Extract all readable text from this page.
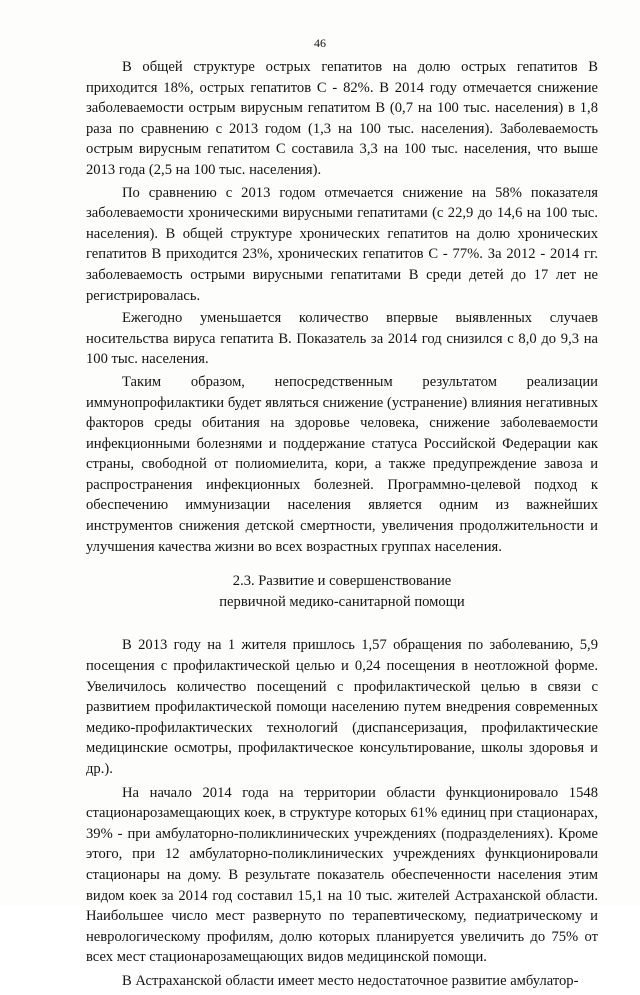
46

В общей структуре острых гепатитов на долю острых гепатитов В приходится 18%, острых гепатитов С - 82%. В 2014 году отмечается снижение заболеваемости острым вирусным гепатитом В (0,7 на 100 тыс. населения) в 1,8 раза по сравнению с 2013 годом (1,3 на 100 тыс. населения). Заболеваемость острым вирусным гепатитом С составила 3,3 на 100 тыс. населения, что выше 2013 года (2,5 на 100 тыс. населения).

По сравнению с 2013 годом отмечается снижение на 58% показателя заболеваемости хроническими вирусными гепатитами (с 22,9 до 14,6 на 100 тыс. населения). В общей структуре хронических гепатитов на долю хронических гепатитов В приходится 23%, хронических гепатитов С - 77%. За 2012 - 2014 гг. заболеваемость острыми вирусными гепатитами В среди детей до 17 лет не регистрировалась.

Ежегодно уменьшается количество впервые выявленных случаев носительства вируса гепатита В. Показатель за 2014 год снизился с 8,0 до 9,3 на 100 тыс. населения.

Таким образом, непосредственным результатом реализации иммунопрофилактики будет являться снижение (устранение) влияния негативных факторов среды обитания на здоровье человека, снижение заболеваемости инфекционными болезнями и поддержание статуса Российской Федерации как страны, свободной от полиомиелита, кори, а также предупреждение завоза и распространения инфекционных болезней. Программно-целевой подход к обеспечению иммунизации населения является одним из важнейших инструментов снижения детской смертности, увеличения продолжительности и улучшения качества жизни во всех возрастных группах населения.

2.3. Развитие и совершенствование
первичной медико-санитарной помощи

В 2013 году на 1 жителя пришлось 1,57 обращения по заболеванию, 5,9 посещения с профилактической целью и 0,24 посещения в неотложной форме. Увеличилось количество посещений с профилактической целью в связи с развитием профилактической помощи населению путем внедрения современных медико-профилактических технологий (диспансеризация, профилактические медицинские осмотры, профилактическое консультирование, школы здоровья и др.).

На начало 2014 года на территории области функционировало 1548 стационарозамещающих коек, в структуре которых 61% единиц при стационарах, 39% - при амбулаторно-поликлинических учреждениях (подразделениях). Кроме этого, при 12 амбулаторно-поликлинических учреждениях функционировали стационары на дому. В результате показатель обеспеченности населения этим видом коек за 2014 год составил 15,1 на 10 тыс. жителей Астраханской области. Наибольшее число мест развернуто по терапевтическому, педиатрическому и неврологическому профилям, долю которых планируется увеличить до 75% от всех мест стационарозамещающих видов медицинской помощи.

В Астраханской области имеет место недостаточное развитие амбулатор-
